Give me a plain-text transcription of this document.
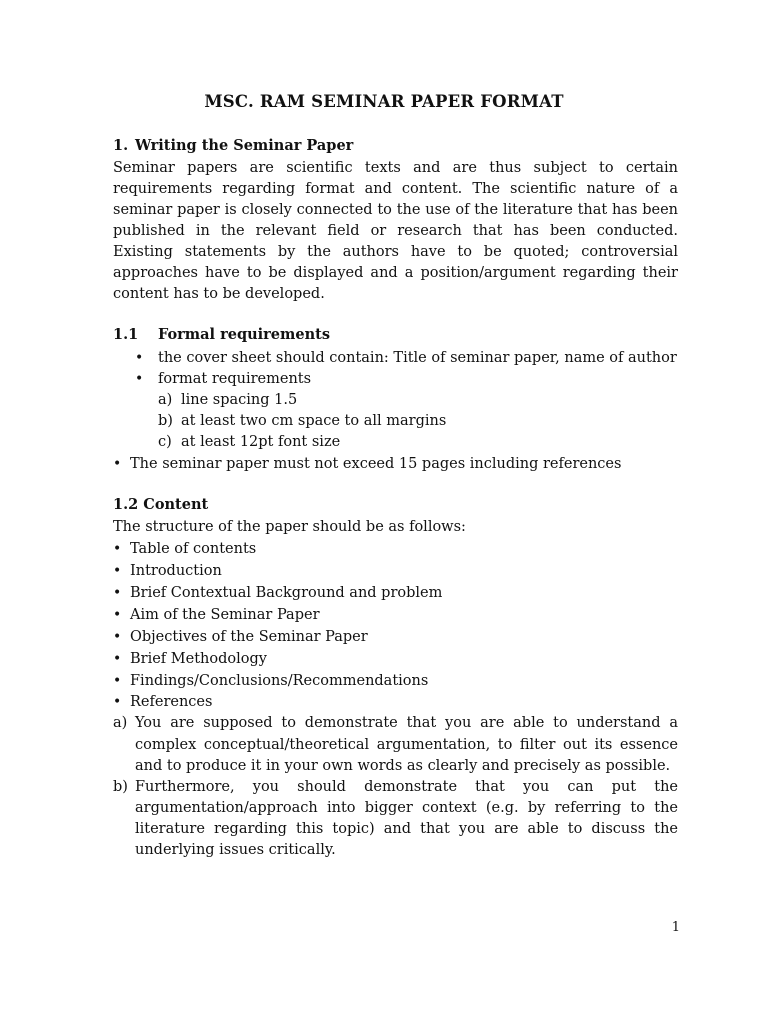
MSC. RAM SEMINAR PAPER FORMAT
1. Writing the Seminar Paper
Seminar papers are scientific texts and are thus subject to certain requirements regarding format and content. The scientific nature of a seminar paper is closely connected to the use of the literature that has been published in the relevant field or research that has been conducted. Existing statements by the authors have to be quoted; controversial approaches have to be displayed and a position/argument regarding their content has to be developed.
1.1 Formal requirements
• the cover sheet should contain: Title of seminar paper, name of author
• format requirements
a) line spacing 1.5
b) at least two cm space to all margins
c) at least 12pt font size
• The seminar paper must not exceed 15 pages including references
1.2 Content
The structure of the paper should be as follows:
• Table of contents
• Introduction
• Brief Contextual Background and problem
• Aim of the Seminar Paper
• Objectives of the Seminar Paper
• Brief Methodology
• Findings/Conclusions/Recommendations
• References
a) You are supposed to demonstrate that you are able to understand a
complex conceptual/theoretical argumentation, to filter out its essence
and to produce it in your own words as clearly and precisely as possible.
b) Furthermore, you should demonstrate that you can put the
argumentation/approach into bigger context (e.g. by referring to the
literature regarding this topic) and that you are able to discuss the
underlying issues critically.
1
